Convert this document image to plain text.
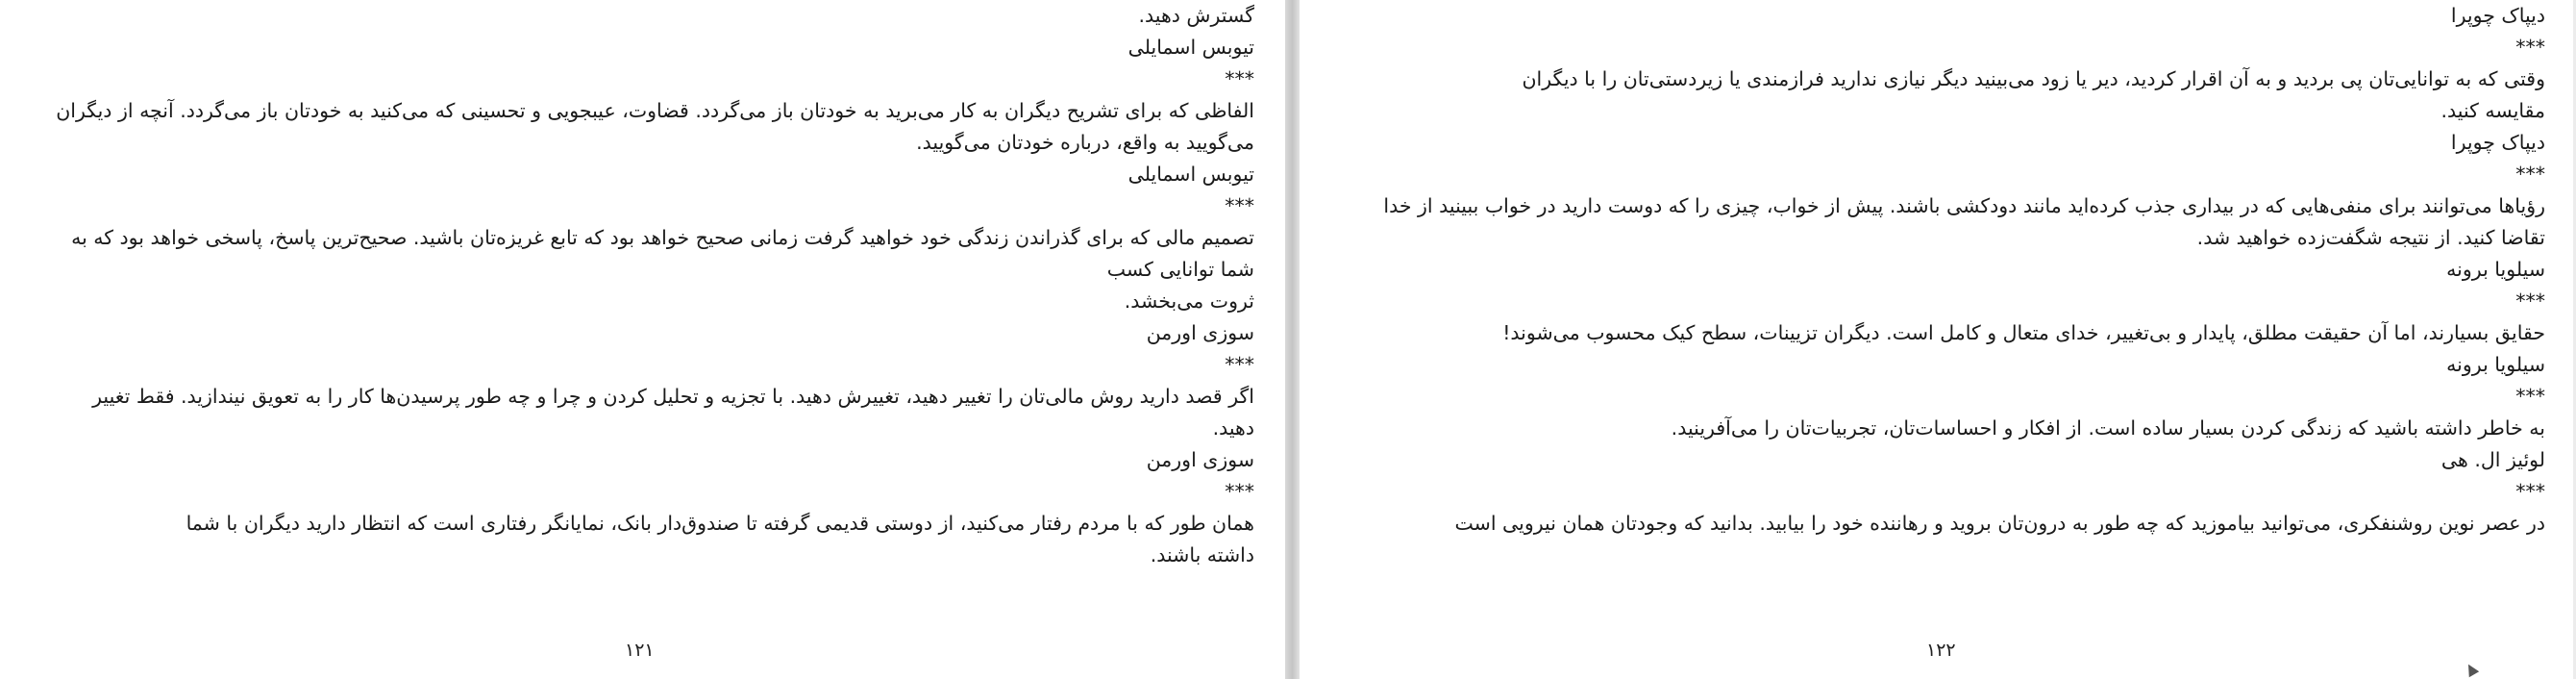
گسترش دهید.
تیوبس اسمایلی
***
الفاظی که برای تشریح دیگران به کار می‌برید به خودتان باز می‌گردد. قضاوت، عیبجویی و تحسینی که می‌کنید به خودتان باز می‌گردد. آنچه از دیگران
می‌گویید به واقع، درباره خودتان می‌گویید.
تیوبس اسمایلی
***
تصمیم مالی که برای گذراندن زندگی خود خواهید گرفت زمانی صحیح خواهد بود که تابع غریزه‌تان باشید. صحیح‌ترین پاسخ، پاسخی خواهد بود که به
شما توانایی کسب
ثروت می‌بخشد.
سوزی اورمن
***
اگر قصد دارید روش مالی‌تان را تغییر دهید، تغییرش دهید. با تجزیه و تحلیل کردن و چرا و چه طور پرسیدن‌ها کار را به تعویق نیندازید. فقط تغییر
دهید.
سوزی اورمن
***
همان طور که با مردم رفتار می‌کنید، از دوستی قدیمی گرفته تا صندوق‌دار بانک، نمایانگر رفتاری است که انتظار دارید دیگران با شما
داشته باشند.
۱۲۱
دیپاک چوپرا
***
وقتی که به توانایی‌تان پی بردید و به آن اقرار کردید، دیر یا زود می‌بینید دیگر نیازی ندارید فرازمندی یا زیردستی‌تان را با دیگران
مقایسه کنید.
دیپاک چوپرا
***
رؤیاها می‌توانند برای منفی‌هایی که در بیداری جذب کرده‌اید مانند دودکشی باشند. پیش از خواب، چیزی را که دوست دارید در خواب ببینید از خدا
تقاضا کنید. از نتیجه شگفت‌زده خواهید شد.
سیلویا برونه
***
حقایق بسیارند، اما آن حقیقت مطلق، پایدار و بی‌تغییر، خدای متعال و کامل است. دیگران تزیینات، سطح کیک محسوب می‌شوند!
سیلویا برونه
***
به خاطر داشته باشید که زندگی کردن بسیار ساده است. از افکار و احساسات‌تان، تجربیات‌تان را می‌آفرینید.
لوئیز ال. هی
***
در عصر نوین روشنفکری، می‌توانید بیاموزید که چه طور به درون‌تان بروید و رهاننده خود را بیابید. بدانید که وجودتان همان نیرویی است
۱۲۲
